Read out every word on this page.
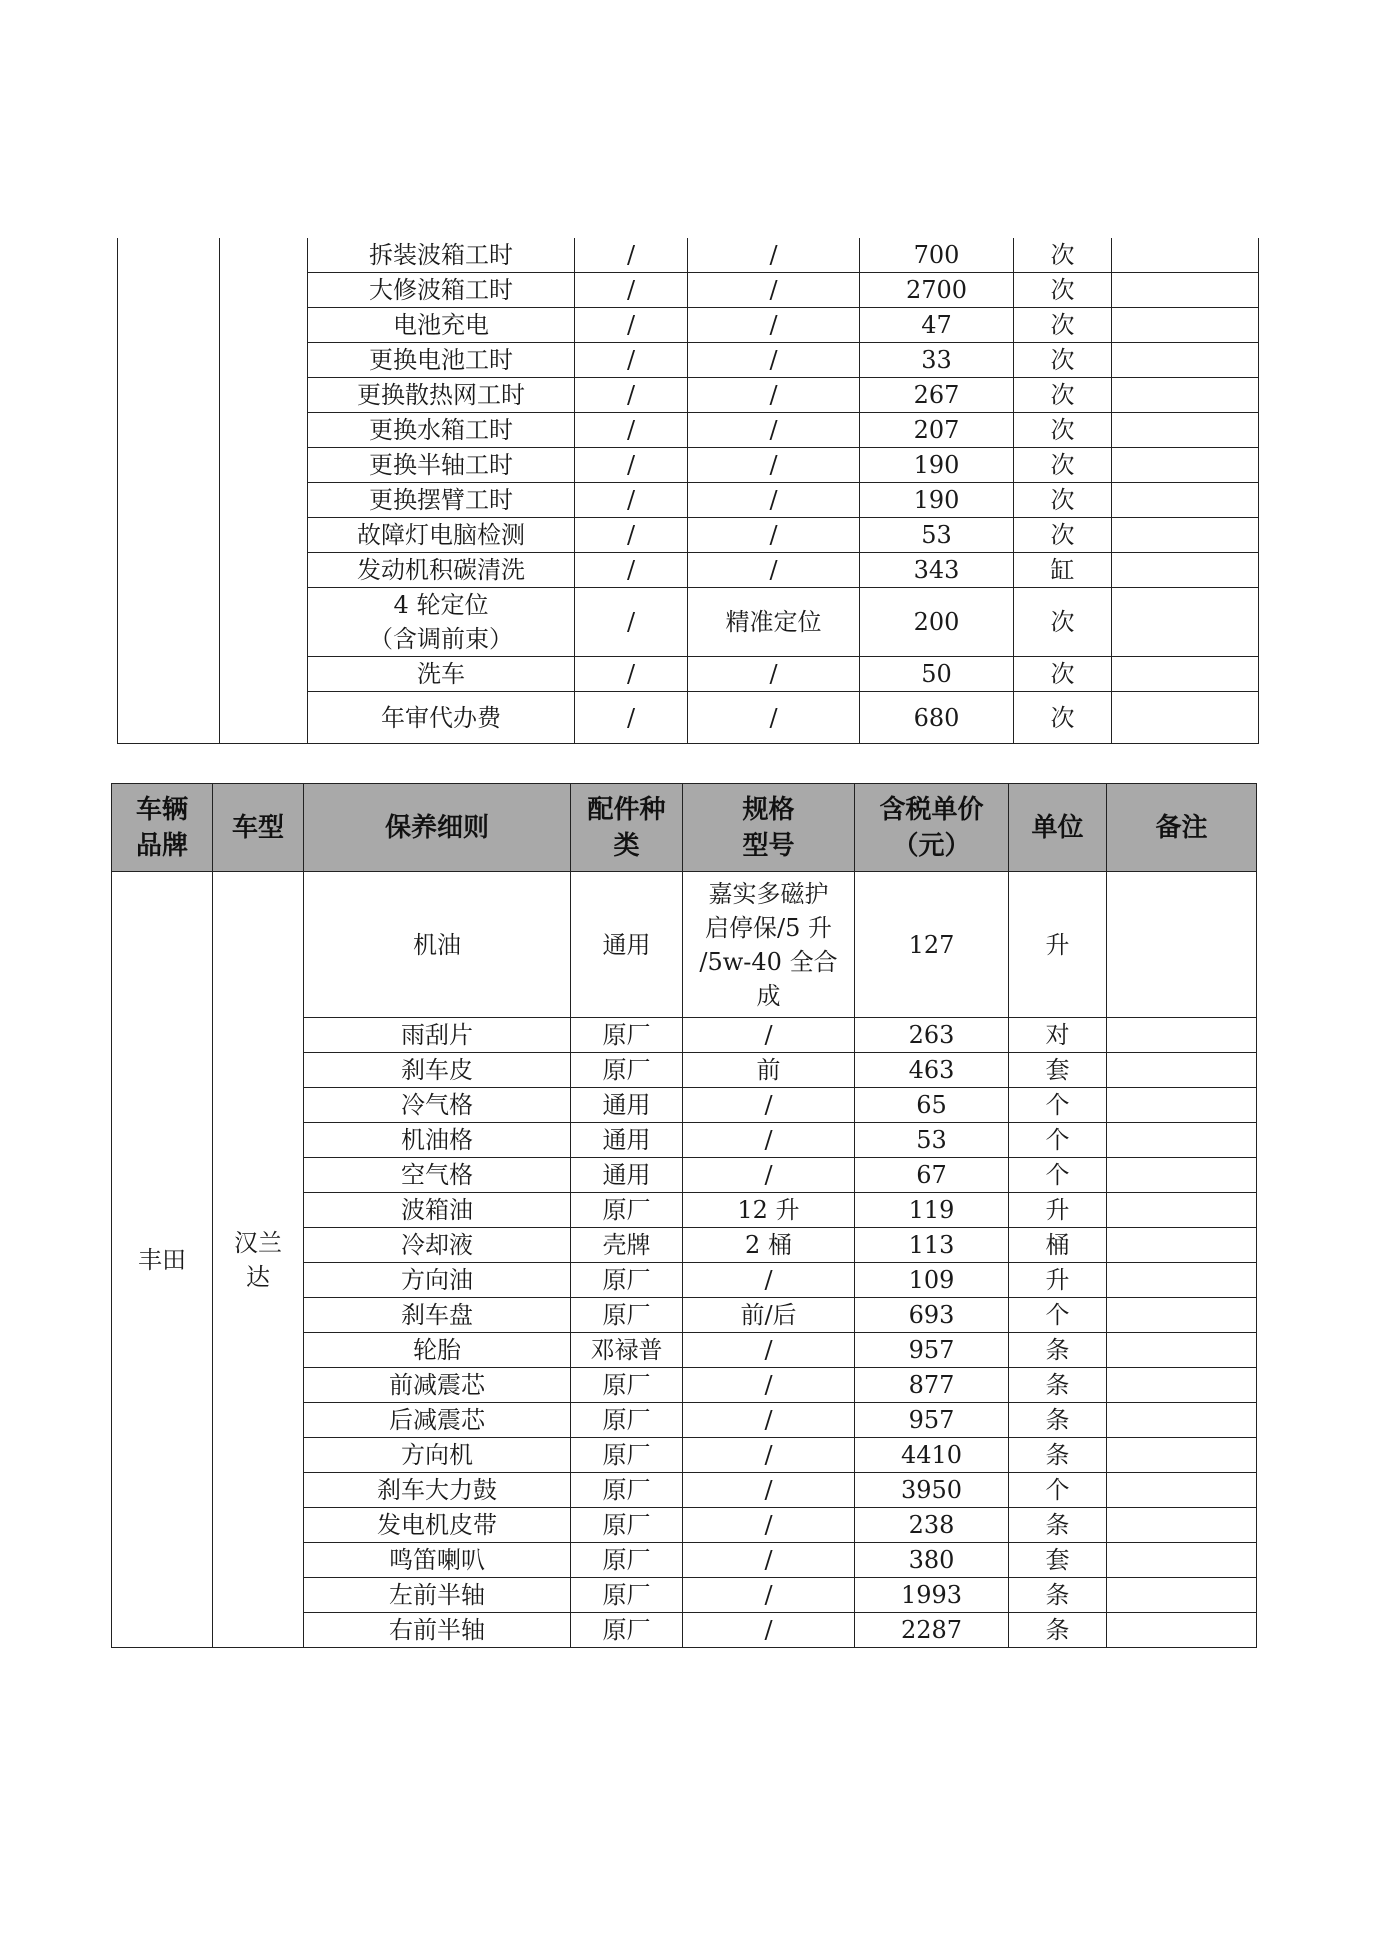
		拆装波箱工时	/	/	700	次	
		大修波箱工时	/	/	2700	次	
		电池充电	/	/	47	次	
		更换电池工时	/	/	33	次	
		更换散热网工时	/	/	267	次	
		更换水箱工时	/	/	207	次	
		更换半轴工时	/	/	190	次	
		更换摆臂工时	/	/	190	次	
		故障灯电脑检测	/	/	53	次	
		发动机积碳清洗	/	/	343	缸	
		4 轮定位
（含调前束）	/	精准定位	200	次	
		洗车	/	/	50	次	
		年审代办费	/	/	680	次	
车辆
品牌	车型	保养细则	配件种
类	规格
型号	含税单价
（元）	单位	备注
丰田	汉兰
达	机油	通用	嘉实多磁护
启停保/5 升
/5w-40 全合
成	127	升	
		雨刮片	原厂	/	263	对	
		刹车皮	原厂	前	463	套	
		冷气格	通用	/	65	个	
		机油格	通用	/	53	个	
		空气格	通用	/	67	个	
		波箱油	原厂	12 升	119	升	
		冷却液	壳牌	2 桶	113	桶	
		方向油	原厂	/	109	升	
		刹车盘	原厂	前/后	693	个	
		轮胎	邓禄普	/	957	条	
		前减震芯	原厂	/	877	条	
		后减震芯	原厂	/	957	条	
		方向机	原厂	/	4410	条	
		刹车大力鼓	原厂	/	3950	个	
		发电机皮带	原厂	/	238	条	
		鸣笛喇叭	原厂	/	380	套	
		左前半轴	原厂	/	1993	条	
		右前半轴	原厂	/	2287	条	
